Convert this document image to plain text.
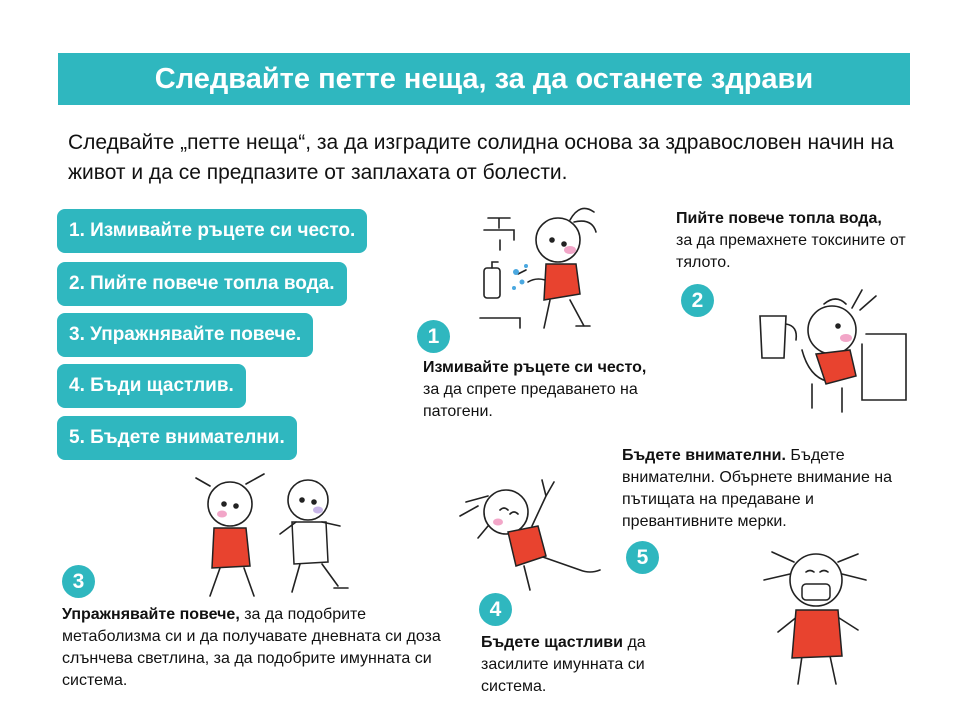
Следвайте петте неща, за да останете здрави
Следвайте „петте неща“, за да изградите солидна основа за здравословен начин на живот и да се предпазите от заплахата от болести.
1. Измивайте ръцете си често.
2. Пийте повече топла вода.
3. Упражнявайте повече.
4. Бъди щастлив.
5. Бъдете внимателни.
1
2
3
4
5
Измивайте ръцете си често,
за да спрете предаването на патогени.
Пийте повече топла вода,
за да премахнете токсините от тялото.
Упражнявайте повече, за да подобрите метаболизма си и да получавате дневната си доза слънчева светлина, за да подобрите имунната си система.
Бъдете щастливи да засилите имунната си система.
Бъдете внимателни. Бъдете внимателни. Обърнете внимание на пътищата на предаване и превантивните мерки.
